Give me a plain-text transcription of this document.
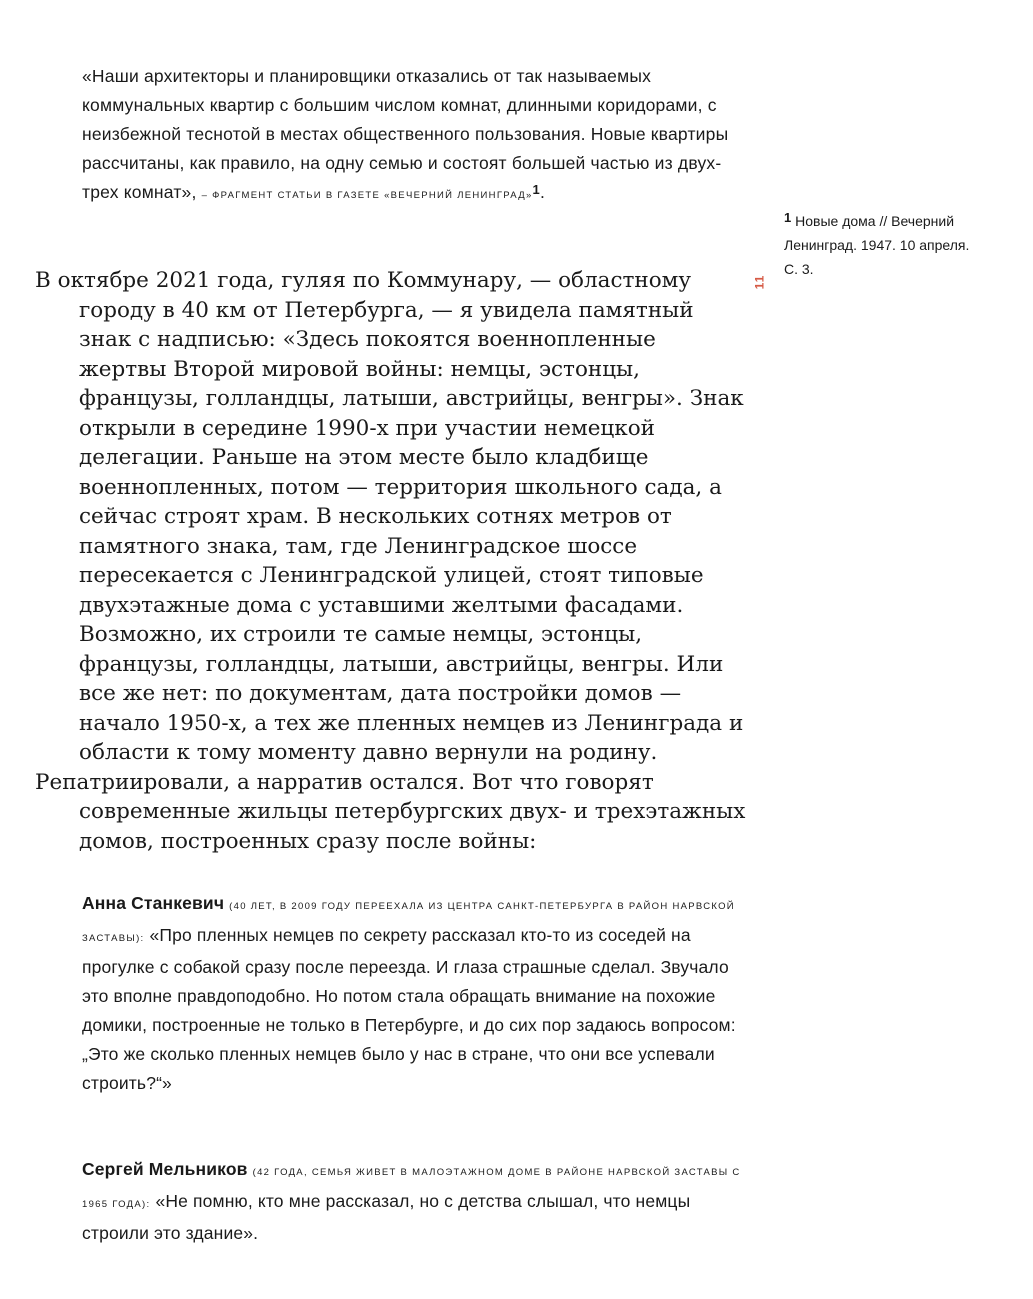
«Наши архитекторы и планировщики отказались от так называемых коммунальных квартир с большим числом комнат, длинными коридорами, с неизбежной теснотой в местах общественного пользования. Новые квартиры рассчитаны, как правило, на одну семью и состоят большей частью из двух-трех комнат», – ФРАГМЕНТ СТАТЬИ В ГАЗЕТЕ «ВЕЧЕРНИЙ ЛЕНИНГРАД»$^1$.
$^1$ Новые дома // Вечерний Ленинград. 1947. 10 апреля. С. 3.
11

В октябре 2021 года, гуляя по Коммунару, — областному городу в 40 км от Петербурга, — я увидела памятный знак с надписью: «Здесь покоятся военнопленные жертвы Второй мировой войны: немцы, эстонцы, французы, голландцы, латыши, австрийцы, венгры». Знак открыли в середине 1990-х при участии немецкой делегации. Раньше на этом месте было кладбище военнопленных, потом — территория школьного сада, а сейчас строят храм. В нескольких сотнях метров от памятного знака, там, где Ленинградское шоссе пересекается с Ленинградской улицей, стоят типовые двухэтажные дома с уставшими желтыми фасадами. Возможно, их строили те самые немцы, эстонцы, французы, голландцы, латыши, австрийцы, венгры. Или все же нет: по документам, дата постройки домов — начало 1950-х, а тех же пленных немцев из Ленинграда и области к тому моменту давно вернули на родину.

Репатриировали, а нарратив остался. Вот что говорят современные жильцы петербургских двух- и трехэтажных домов, построенных сразу после войны:

Анна Станкевич (40 ЛЕТ, В 2009 ГОДУ ПЕРЕЕХАЛА ИЗ ЦЕНТРА САНКТ-ПЕТЕРБУРГА В РАЙОН НАРВСКОЙ ЗАСТАВЫ): «Про пленных немцев по секрету рассказал кто-то из соседей на прогулке с собакой сразу после переезда. И глаза страшные сделал. Звучало это вполне правдоподобно. Но потом стала обращать внимание на похожие домики, построенные не только в Петербурге, и до сих пор задаюсь вопросом: „Это же сколько пленных немцев было у нас в стране, что они все успевали строить?“»
Сергей Мельников (42 ГОДА, СЕМЬЯ ЖИВЕТ В МАЛОЭТАЖНОМ ДОМЕ В РАЙОНЕ НАРВСКОЙ ЗАСТАВЫ С 1965 ГОДА): «Не помню, кто мне рассказал, но с детства слышал, что немцы строили это здание».
